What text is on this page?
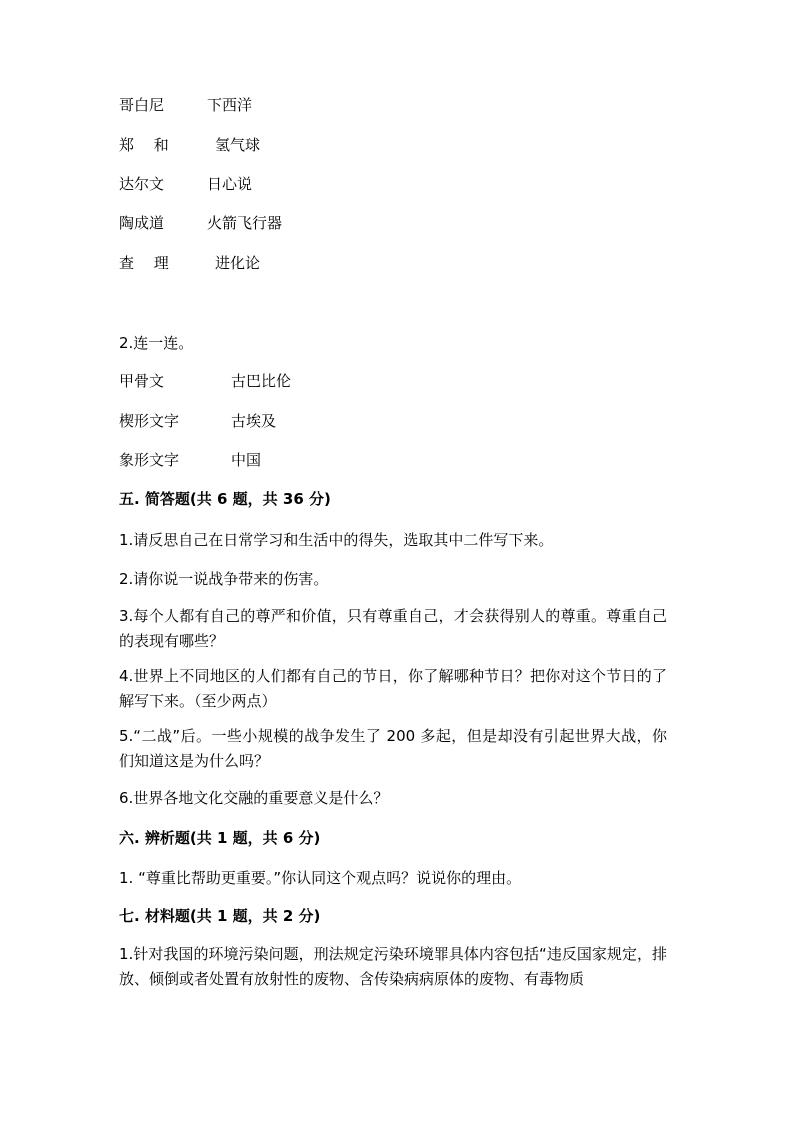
哥白尼	下西洋
郑　 和	氢气球
达尔文	日心说
陶成道	火箭飞行器
查　 理	进化论
2.连一连。
甲骨文	古巴比伦
楔形文字	古埃及
象形文字	中国
五. 简答题(共 6 题，共 36 分)
1.请反思自己在日常学习和生活中的得失，选取其中二件写下来。
2.请你说一说战争带来的伤害。
3.每个人都有自己的尊严和价值，只有尊重自己，才会获得别人的尊重。尊重自己的表现有哪些？
4.世界上不同地区的人们都有自己的节日，你了解哪种节日？把你对这个节日的了解写下来。（至少两点）
5.“二战”后。一些小规模的战争发生了 200 多起，但是却没有引起世界大战，你们知道这是为什么吗？
6.世界各地文化交融的重要意义是什么？
六. 辨析题(共 1 题，共 6 分)
1. “尊重比帮助更重要。”你认同这个观点吗？说说你的理由。
七. 材料题(共 1 题，共 2 分)
1.针对我国的环境污染问题，刑法规定污染环境罪具体内容包括“违反国家规定，排放、倾倒或者处置有放射性的废物、含传染病病原体的废物、有毒物质
